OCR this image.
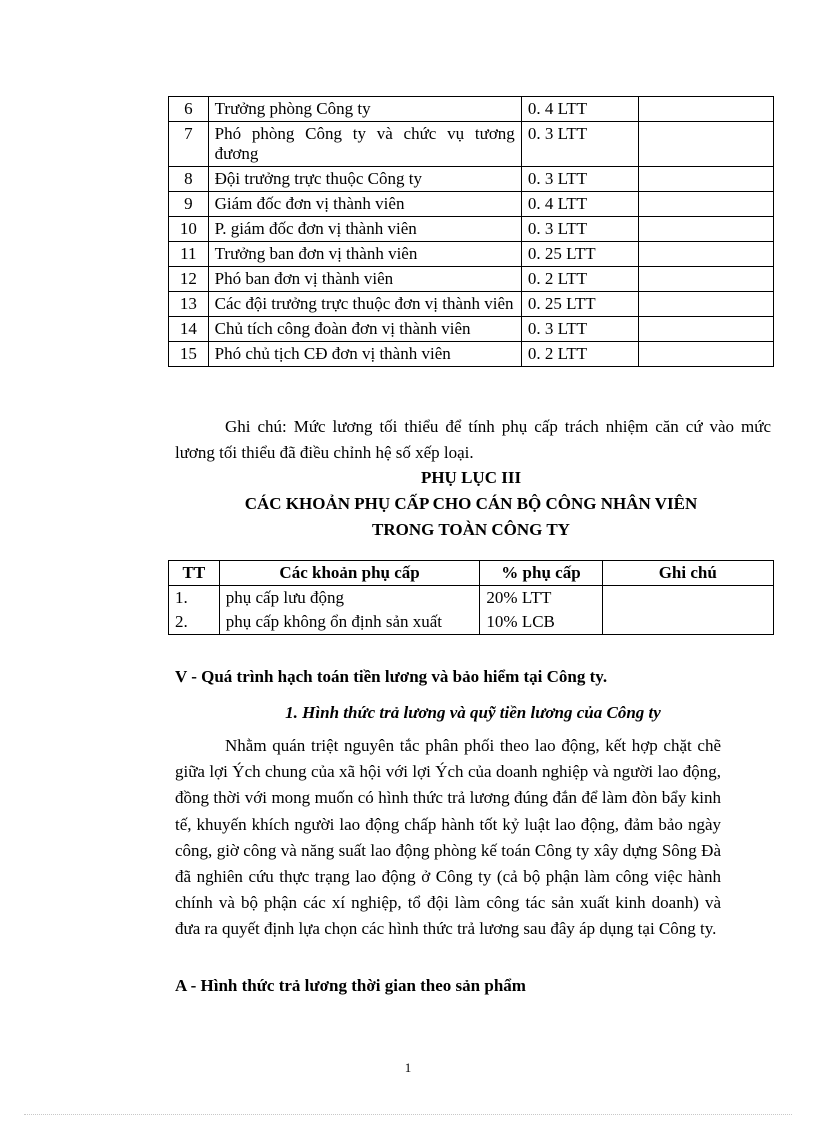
6	Trưởng phòng Công ty	0. 4 LTT	
7	Phó phòng Công ty và chức vụ tương đương	0. 3 LTT	
8	Đội trưởng trực thuộc Công ty	0. 3 LTT	
9	Giám đốc đơn vị thành viên	0. 4 LTT	
10	P. giám đốc đơn vị thành viên	0. 3 LTT	
11	Trưởng ban đơn vị thành viên	0. 25 LTT	
12	Phó ban đơn vị thành viên	0. 2 LTT	
13	Các đội trưởng trực thuộc đơn vị thành viên	0. 25 LTT	
14	Chủ tích công đoàn đơn vị thành viên	0. 3 LTT	
15	Phó chủ tịch CĐ đơn vị thành viên	0. 2 LTT	

Ghi chú: Mức lương tối thiểu để tính phụ cấp trách nhiệm căn cứ vào mức lương tối thiểu đã điều chỉnh hệ số xếp loại.

PHỤ LỤC III
CÁC KHOẢN PHỤ CẤP CHO CÁN BỘ CÔNG NHÂN VIÊN
TRONG TOÀN CÔNG TY
TT	Các khoản phụ cấp	% phụ cấp	Ghi chú
1.	phụ cấp lưu động	20% LTT	
2.	phụ cấp không ổn định sản xuất	10% LCB	
V - Quá trình hạch toán tiền lương và bảo hiểm tại Công ty.
1. Hình thức trả lương và quỹ tiền lương của Công ty

Nhằm quán triệt nguyên tắc phân phối theo lao động, kết hợp chặt chẽ giữa lợi Ých chung của xã hội với lợi Ých của doanh nghiệp và người lao động, đồng thời với mong muốn có hình thức trả lương đúng đắn để làm đòn bẩy kinh tế, khuyến khích người lao động chấp hành tốt kỷ luật lao động, đảm bảo ngày công, giờ công và năng suất lao động phòng kế toán Công ty xây dựng Sông Đà đã nghiên cứu thực trạng lao động ở Công ty (cả bộ phận làm công việc hành chính và bộ phận các xí nghiệp, tổ đội làm công tác sản xuất kinh doanh) và đưa ra quyết định lựa chọn các hình thức trả lương sau đây áp dụng tại Công ty.

A - Hình thức trả lương thời gian theo sản phẩm
1
